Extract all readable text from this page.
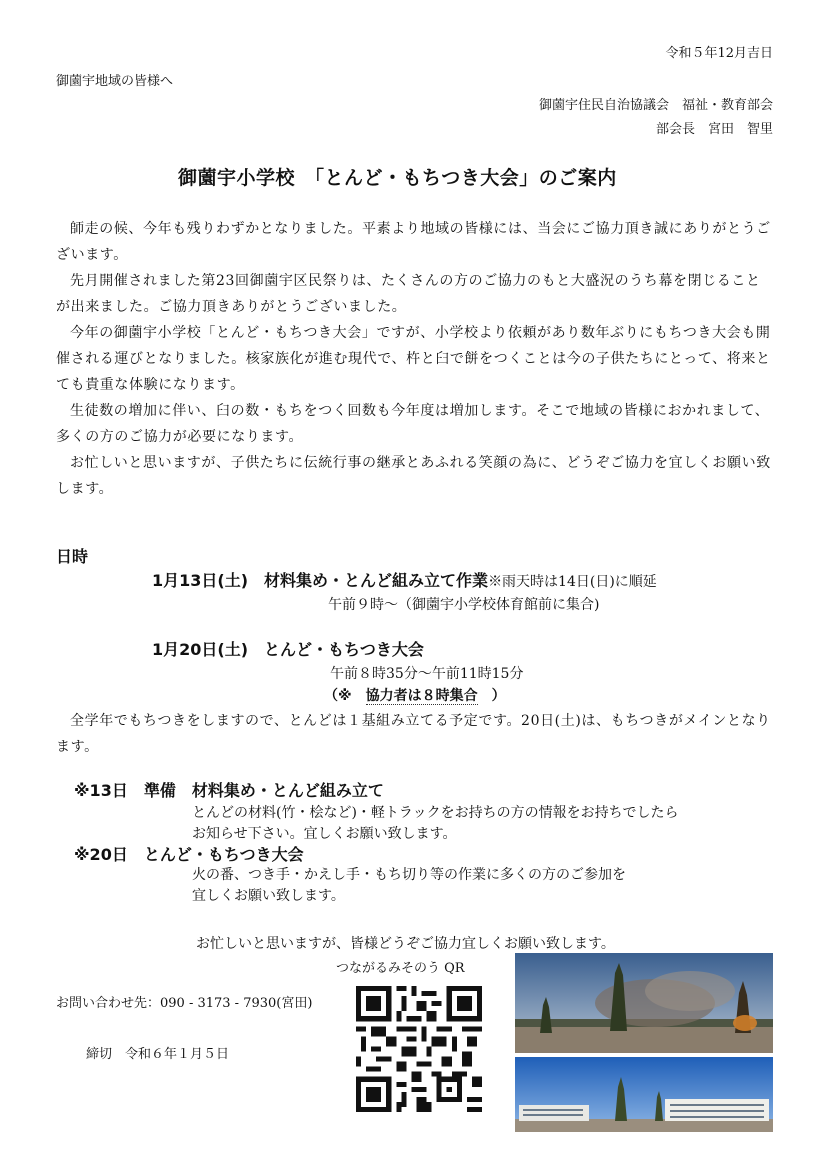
令和５年12月吉日
御薗宇地域の皆様へ
御薗宇住民自治協議会　福祉・教育部会
部会長　宮田　智里
御薗宇小学校　「とんど・もちつき大会」のご案内

師走の候、今年も残りわずかとなりました。平素より地域の皆様には、当会にご協力頂き誠にありがとうございます。

先月開催されました第23回御薗宇区民祭りは、たくさんの方のご協力のもと大盛況のうち幕を閉じることが出来ました。ご協力頂きありがとうございました。

今年の御薗宇小学校「とんど・もちつき大会」ですが、小学校より依頼があり数年ぶりにもちつき大会も開催される運びとなりました。核家族化が進む現代で、杵と臼で餅をつくことは今の子供たちにとって、将来とても貴重な体験になります。

生徒数の増加に伴い、臼の数・もちをつく回数も今年度は増加します。そこで地域の皆様におかれまして、多くの方のご協力が必要になります。

お忙しいと思いますが、子供たちに伝統行事の継承とあふれる笑顔の為に、どうぞご協力を宜しくお願い致します。

日時
1月13日(土)　 材料集め・とんど組み立て作業※雨天時は14日(日)に順延
午前９時～（御薗宇小学校体育館前に集合)
1月20日(土)　 とんど・もちつき大会
午前８時35分～午前11時15分
（※　 協力者は８時集合　 ）

全学年でもちつきをしますので、とんどは１基組み立てる予定です。20日(土)は、もちつきがメインとなります。

※13日　準備　材料集め・とんど組み立て
とんどの材料(竹・桧など)・軽トラックをお持ちの方の情報をお持ちでしたら
お知らせ下さい。宜しくお願い致します。
※20日　とんど・もちつき大会
火の番、つき手・かえし手・もち切り等の作業に多くの方のご参加を
宜しくお願い致します。
お忙しいと思いますが、皆様どうぞご協力宜しくお願い致します。
つながるみそのう QR
お問い合わせ先：090 - 3173 - 7930(宮田)
締切　令和６年１月５日
